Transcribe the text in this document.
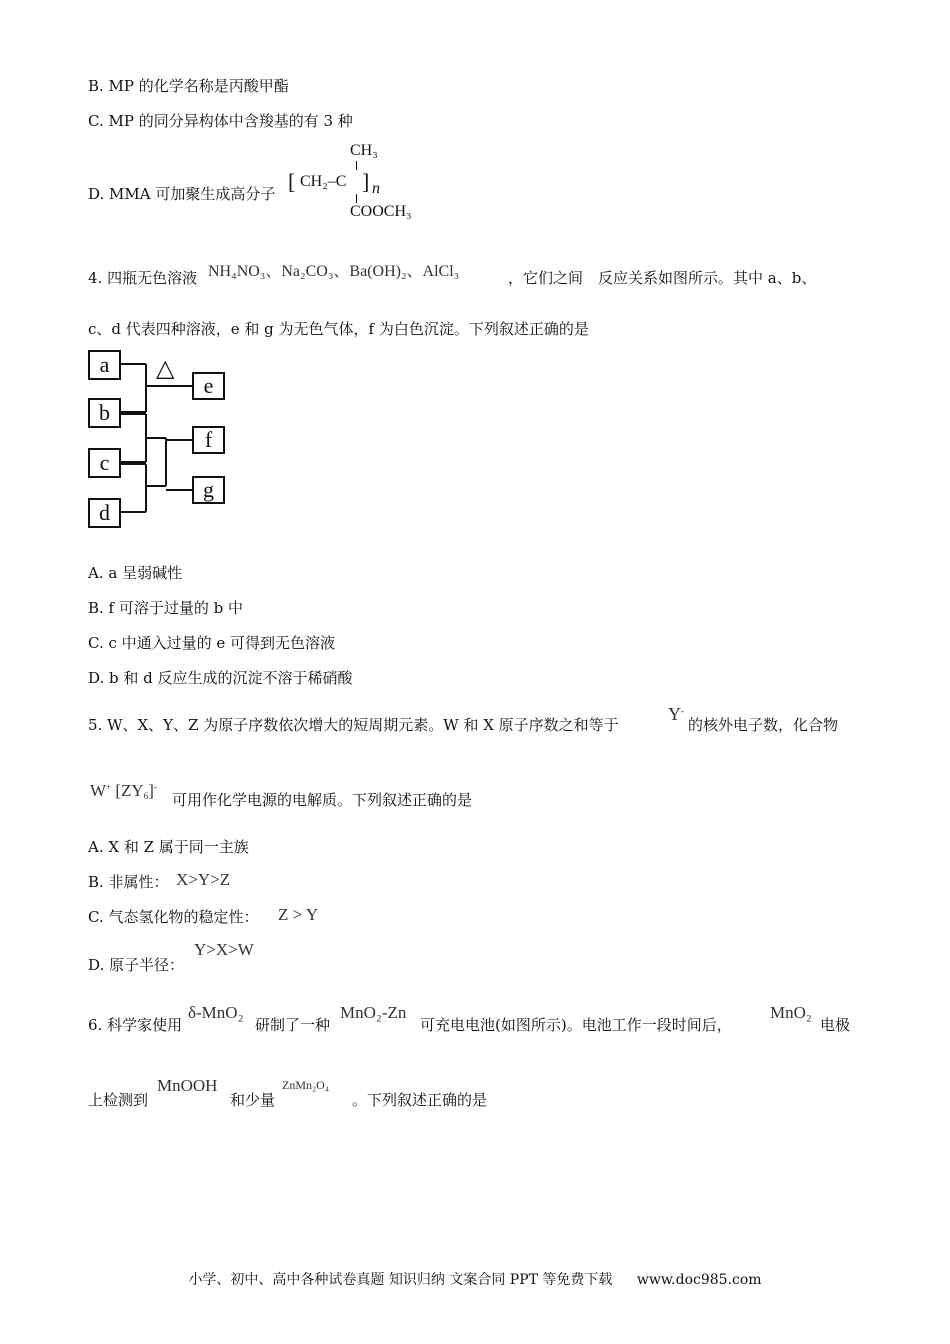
B. MP 的化学名称是丙酸甲酯
C. MP 的同分异构体中含羧基的有 3 种
D. MMA 可加聚生成高分子
CH₃
[ CH₂–C ] n
COOCH₃
4. 四瓶无色溶液 NH₄NO₃、Na₂CO₃、Ba(OH)₂、AlCl₃	，它们之间　反应关系如图所示。其中 a、b、
c、d 代表四种溶液，e 和 g 为无色气体，f 为白色沉淀。下列叙述正确的是
a
b
c
d
e
f
g
△
A. a 呈弱碱性
B. f 可溶于过量的 b 中
C. c 中通入过量的 e 可得到无色溶液
D. b 和 d 反应生成的沉淀不溶于稀硝酸
5. W、X、Y、Z 为原子序数依次增大的短周期元素。W 和 X 原子序数之和等于
Y-
的核外电子数，化合物
W+ $[ZY_6]^-$
可用作化学电源的电解质。下列叙述正确的是
A. X 和 Z 属于同一主族
B. 非属性： X>Y>Z
C. 气态氢化物的稳定性： Z > Y
D. 原子半径：
Y>X>W
6. 科学家使用
δ-MnO₂
研制了一种
MnO₂-Zn
可充电电池(如图所示)。电池工作一段时间后，
MnO₂
电极
上检测到
MnOOH
和少量
ZnMn₂O₄
。下列叙述正确的是
小学、初中、高中各种试卷真题 知识归纳 文案合同 PPT 等免费下载 www.doc985.com
